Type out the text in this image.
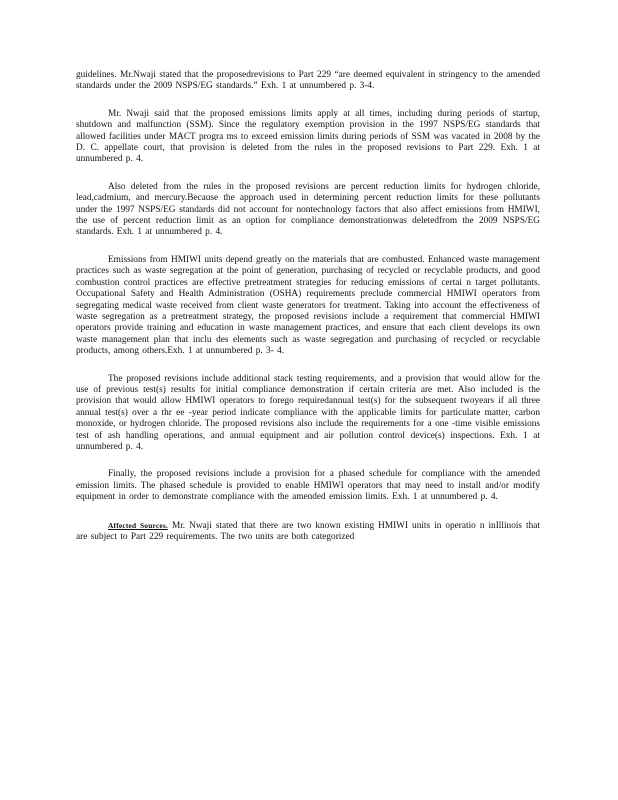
guidelines. Mr.Nwaji stated that the proposedrevisions to Part 229 “are deemed equivalent in stringency to the amended standards under the 2009 NSPS/EG standards.” Exh. 1 at unnumbered p. 3-4.

Mr. Nwaji said that the proposed emissions limits apply at all times, including during periods of startup, shutdown and malfunction (SSM). Since the regulatory exemption provision in the 1997 NSPS/EG standards that allowed facilities under MACT progra ms to exceed emission limits during periods of SSM was vacated in 2008 by the D. C. appellate court, that provision is deleted from the rules in the proposed revisions to Part 229. Exh. 1 at unnumbered p. 4.

Also deleted from the rules in the proposed revisions are percent reduction limits for hydrogen chloride, lead,cadmium, and mercury.Because the approach used in determining percent reduction limits for these pollutants under the 1997 NSPS/EG standards did not account for nontechnology factors that also affect emissions from HMIWI, the use of percent reduction limit as an option for compliance demonstrationwas deletedfrom the 2009 NSPS/EG standards. Exh. 1 at unnumbered p. 4.

Emissions from HMIWI units depend greatly on the materials that are combusted. Enhanced waste management practices such as waste segregation at the point of generation, purchasing of recycled or recyclable products, and good combustion control practices are effective pretreatment strategies for reducing emissions of certai n target pollutants. Occupational Safety and Health Administration (OSHA) requirements preclude commercial HMIWI operators from segregating medical waste received from client waste generators for treatment. Taking into account the effectiveness of waste segregation as a pretreatment strategy, the proposed revisions include a requirement that commercial HMIWI operators provide training and education in waste management practices, and ensure that each client develops its own waste management plan that inclu des elements such as waste segregation and purchasing of recycled or recyclable products, among others.Exh. 1 at unnumbered p. 3- 4.

The proposed revisions include additional stack testing requirements, and a provision that would allow for the use of previous test(s) results for initial compliance demonstration if certain criteria are met. Also included is the provision that would allow HMIWI operators to forego requiredannual test(s) for the subsequent twoyears if all three annual test(s) over a thr ee -year period indicate compliance with the applicable limits for particulate matter, carbon monoxide, or hydrogen chloride. The proposed revisions also include the requirements for a one -time visible emissions test of ash handling operations, and annual equipment and air pollution control device(s) inspections. Exh. 1 at unnumbered p. 4.

Finally, the proposed revisions include a provision for a phased schedule for compliance with the amended emission limits. The phased schedule is provided to enable HMIWI operators that may need to install and/or modify equipment in order to demonstrate compliance with the amended emission limits. Exh. 1 at unnumbered p. 4.

Affected Sources. Mr. Nwaji stated that there are two known existing HMIWI units in operatio n inIllinois that are subject to Part 229 requirements. The two units are both categorized
